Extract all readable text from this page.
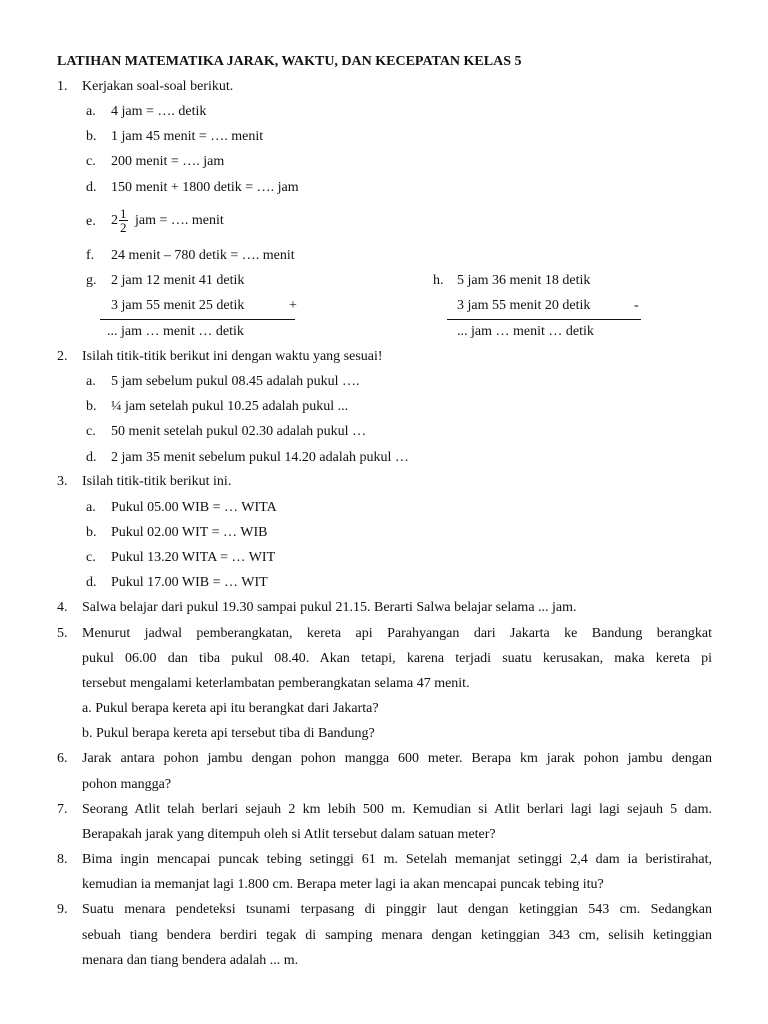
LATIHAN MATEMATIKA JARAK, WAKTU, DAN KECEPATAN KELAS 5
1. Kerjakan soal-soal berikut.
a. 4 jam = …. detik
b. 1 jam 45 menit = …. menit
c. 200 menit = …. jam
d. 150 menit + 1800 detik = …. jam
e. $2 \frac{1}{2}$ jam = …. menit
f. 24 menit – 780 detik = …. menit
g. 2 jam 12 menit 41 detik
3 jam 55 menit 25 detik	+
... jam … menit … detik
h. 5 jam 36 menit 18 detik
3 jam 55 menit 20 detik	-
... jam … menit … detik
2. Isilah titik-titik berikut ini dengan waktu yang sesuai!
a. 5 jam sebelum pukul 08.45 adalah pukul ….
b. ¼ jam setelah pukul 10.25 adalah pukul ...
c. 50 menit setelah pukul 02.30 adalah pukul …
d. 2 jam 35 menit sebelum pukul 14.20 adalah pukul …
3. Isilah titik-titik berikut ini.
a. Pukul 05.00 WIB = … WITA
b. Pukul 02.00 WIT = … WIB
c. Pukul 13.20 WITA = … WIT
d. Pukul 17.00 WIB = … WIT
4. Salwa belajar dari pukul 19.30 sampai pukul 21.15. Berarti Salwa belajar selama ... jam.
5. Menurut jadwal pemberangkatan, kereta api Parahyangan dari Jakarta ke Bandung berangkat
pukul 06.00 dan tiba pukul 08.40. Akan tetapi, karena terjadi suatu kerusakan, maka kereta pi
tersebut mengalami keterlambatan pemberangkatan selama 47 menit.
a. Pukul berapa kereta api itu berangkat dari Jakarta?
b. Pukul berapa kereta api tersebut tiba di Bandung?
6. Jarak antara pohon jambu dengan pohon mangga 600 meter. Berapa km jarak pohon jambu dengan
pohon mangga?
7. Seorang Atlit telah berlari sejauh 2 km lebih 500 m. Kemudian si Atlit berlari lagi lagi sejauh 5 dam.
Berapakah jarak yang ditempuh oleh si Atlit tersebut dalam satuan meter?
8. Bima ingin mencapai puncak tebing setinggi 61 m. Setelah memanjat setinggi 2,4 dam ia beristirahat,
kemudian ia memanjat lagi 1.800 cm. Berapa meter lagi ia akan mencapai puncak tebing itu?
9. Suatu menara pendeteksi tsunami terpasang di pinggir laut dengan ketinggian 543 cm. Sedangkan
sebuah tiang bendera berdiri tegak di samping menara dengan ketinggian 343 cm, selisih ketinggian
menara dan tiang bendera adalah ... m.
